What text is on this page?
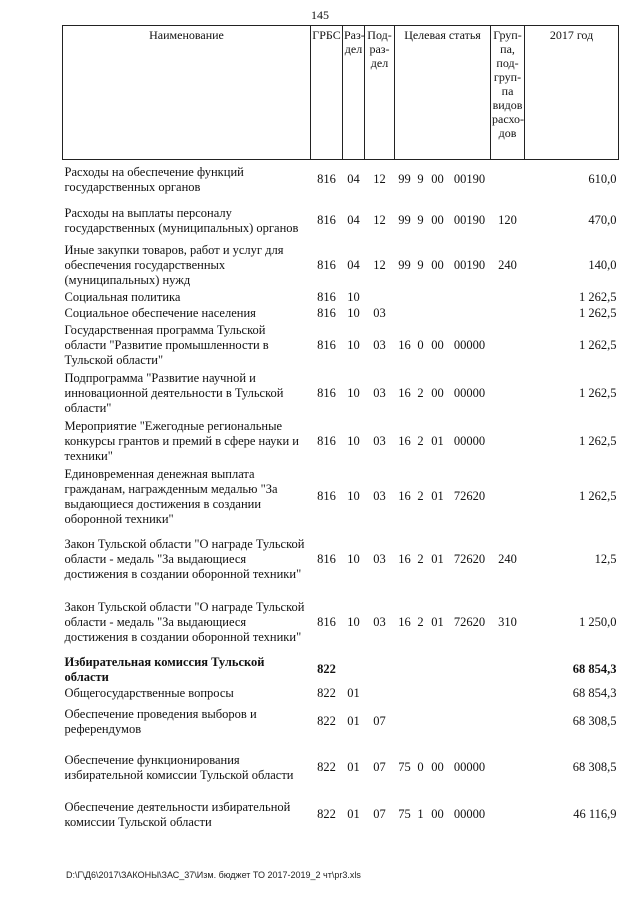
145
Наименование	ГРБС	Раз-дел	Под-раз-дел	Целевая статья				Груп-па, под-груп-па видов расхо-дов	2017 год
Расходы на обеспечение функций государственных органов	816	04	12	99	9	00	00190		610,0
Расходы на выплаты персоналу государственных (муниципальных) органов	816	04	12	99	9	00	00190	120	470,0
Иные закупки товаров, работ и услуг для обеспечения государственных (муниципальных) нужд	816	04	12	99	9	00	00190	240	140,0
Социальная политика	816	10							1 262,5
Социальное обеспечение населения	816	10	03						1 262,5
Государственная программа Тульской области "Развитие промышленности в Тульской области"	816	10	03	16	0	00	00000		1 262,5
Подпрограмма "Развитие научной и инновационной деятельности в Тульской области"	816	10	03	16	2	00	00000		1 262,5
Мероприятие "Ежегодные региональные конкурсы грантов и премий в сфере науки и техники"	816	10	03	16	2	01	00000		1 262,5
Единовременная денежная выплата гражданам, награжденным медалью "За выдающиеся достижения в создании оборонной техники"	816	10	03	16	2	01	72620		1 262,5
Закон Тульской области "О награде Тульской области - медаль "За выдающиеся достижения в создании оборонной техники"	816	10	03	16	2	01	72620	240	12,5
Закон Тульской области "О награде Тульской области - медаль "За выдающиеся достижения в создании оборонной техники"	816	10	03	16	2	01	72620	310	1 250,0
Избирательная комиссия Тульской области	822								68 854,3
Общегосударственные вопросы	822	01							68 854,3
Обеспечение проведения выборов и референдумов	822	01	07						68 308,5
Обеспечение функционирования избирательной комиссии Тульской области	822	01	07	75	0	00	00000		68 308,5
Обеспечение деятельности избирательной комиссии Тульской области	822	01	07	75	1	00	00000		46 116,9
D:\Г\Д6\2017\ЗАКОНЫ\ЗАС_37\Изм. бюджет ТО 2017-2019_2 чт\pr3.xls
